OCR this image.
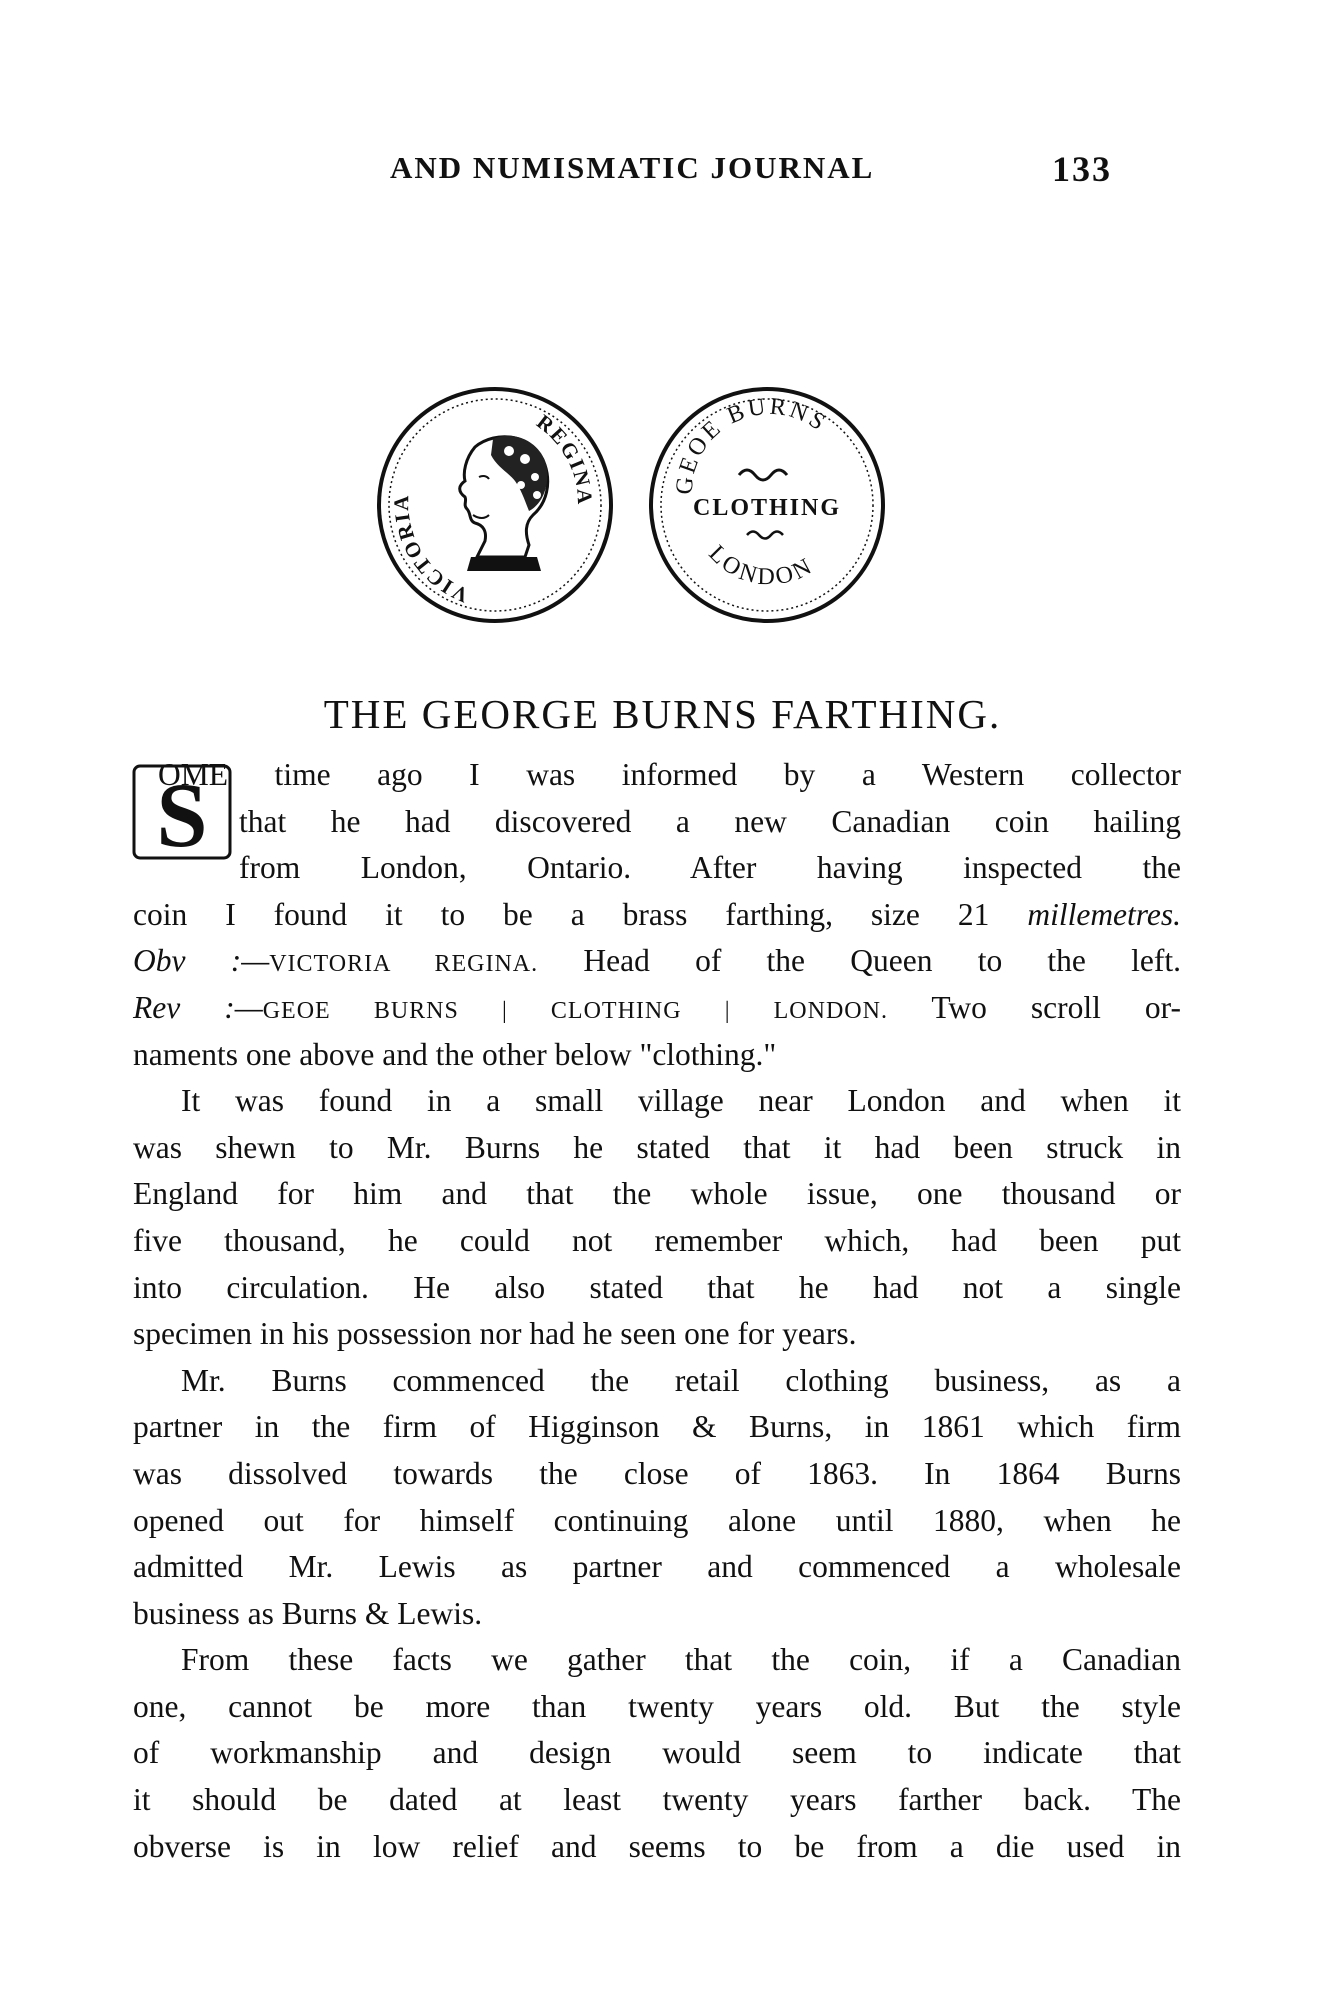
AND NUMISMATIC JOURNAL	133
VICTORIA
REGINA
GEOE BURNS
CLOTHING
LONDON
THE GEORGE BURNS FARTHING.
S
OME time ago I was informed by a Western collector
that he had discovered a new Canadian coin hailing
from London, Ontario. After having inspected the
coin I found it to be a brass farthing, size 21 millemetres.
Obv :—VICTORIA REGINA. Head of the Queen to the left.
Rev :—GEOE BURNS | CLOTHING | LONDON. Two scroll or-
naments one above and the other below "clothing."
It was found in a small village near London and when it
was shewn to Mr. Burns he stated that it had been struck in
England for him and that the whole issue, one thousand or
five thousand, he could not remember which, had been put
into circulation. He also stated that he had not a single
specimen in his possession nor had he seen one for years.
Mr. Burns commenced the retail clothing business, as a
partner in the firm of Higginson & Burns, in 1861 which firm
was dissolved towards the close of 1863. In 1864 Burns
opened out for himself continuing alone until 1880, when he
admitted Mr. Lewis as partner and commenced a wholesale
business as Burns & Lewis.
From these facts we gather that the coin, if a Canadian
one, cannot be more than twenty years old. But the style
of workmanship and design would seem to indicate that
it should be dated at least twenty years farther back. The
obverse is in low relief and seems to be from a die used in
